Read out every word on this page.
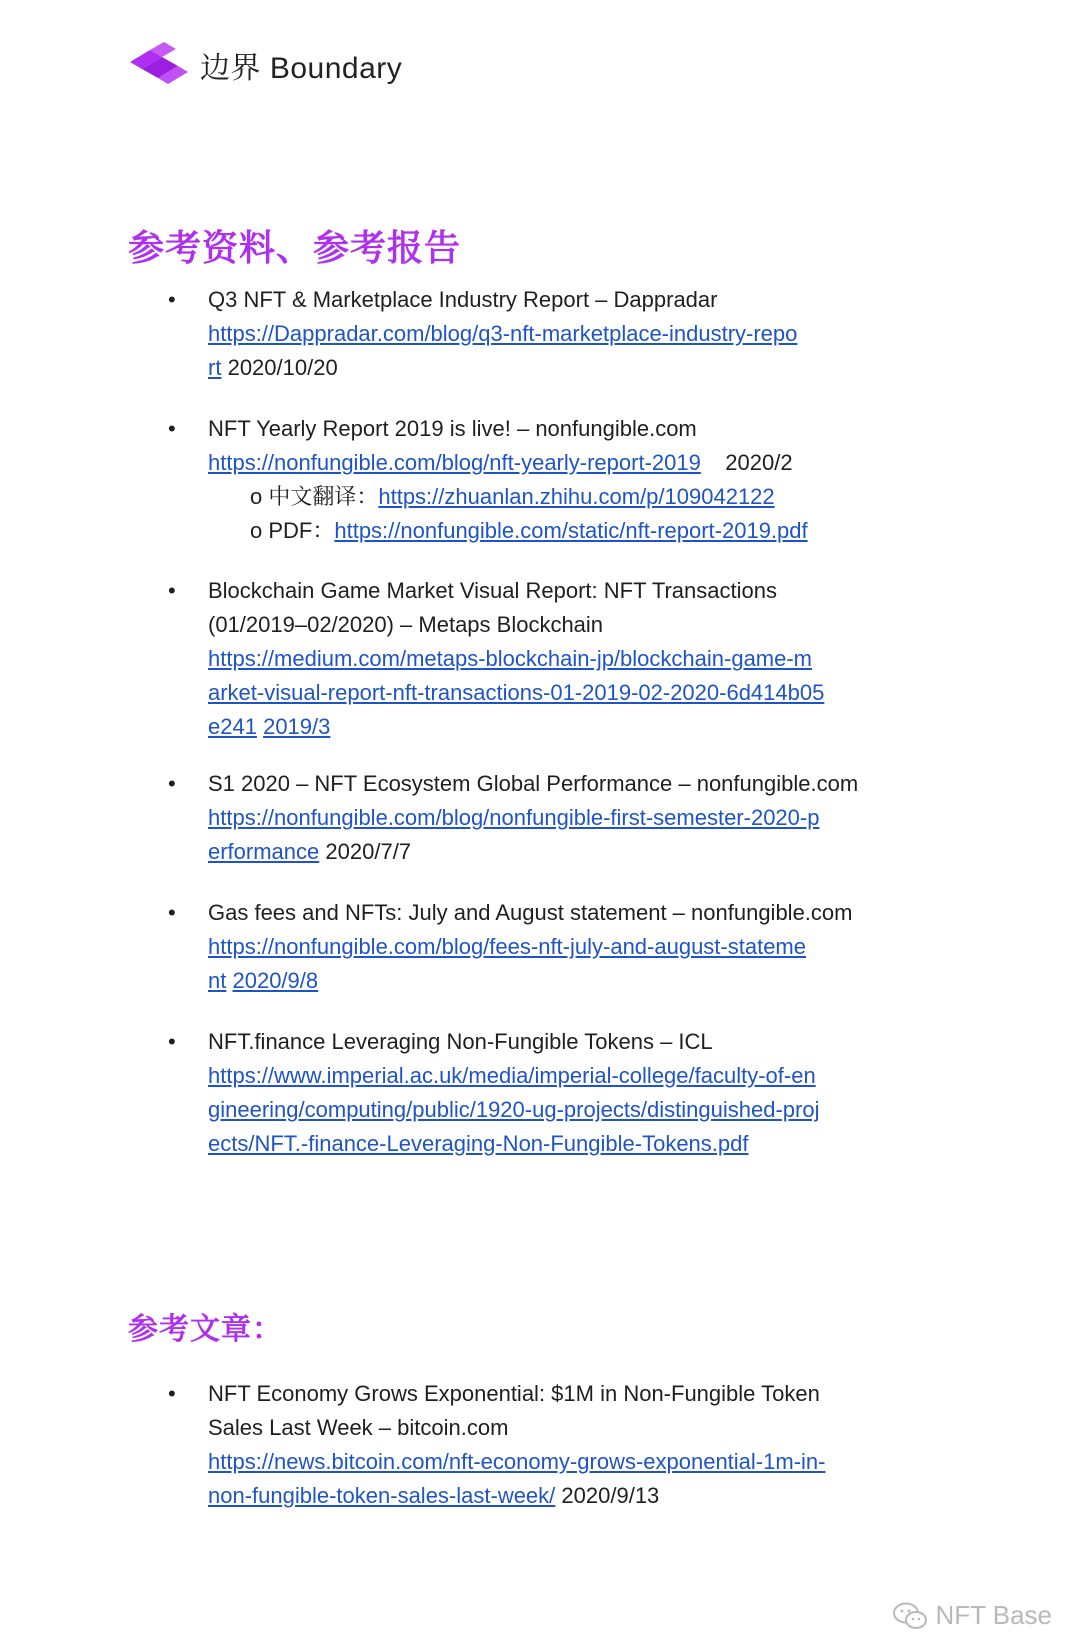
边界 Boundary
参考资料、参考报告
• Q3 NFT & Marketplace Industry Report – Dappradar
https://Dappradar.com/blog/q3-nft-marketplace-industry-repo
rt 2020/10/20
• NFT Yearly Report 2019 is live! – nonfungible.com
https://nonfungible.com/blog/nft-yearly-report-2019 2020/2
o 中文翻译：https://zhuanlan.zhihu.com/p/109042122
o PDF：https://nonfungible.com/static/nft-report-2019.pdf
• Blockchain Game Market Visual Report: NFT Transactions
(01/2019–02/2020) – Metaps Blockchain
https://medium.com/metaps-blockchain-jp/blockchain-game-m
arket-visual-report-nft-transactions-01-2019-02-2020-6d414b05
e241 2019/3
• S1 2020 – NFT Ecosystem Global Performance – nonfungible.com
https://nonfungible.com/blog/nonfungible-first-semester-2020-p
erformance 2020/7/7
• Gas fees and NFTs: July and August statement – nonfungible.com
https://nonfungible.com/blog/fees-nft-july-and-august-stateme
nt 2020/9/8
• NFT.finance Leveraging Non-Fungible Tokens – ICL
https://www.imperial.ac.uk/media/imperial-college/faculty-of-en
gineering/computing/public/1920-ug-projects/distinguished-proj
ects/NFT.-finance-Leveraging-Non-Fungible-Tokens.pdf
参考文章：
• NFT Economy Grows Exponential: $1M in Non-Fungible Token
Sales Last Week – bitcoin.com
https://news.bitcoin.com/nft-economy-grows-exponential-1m-in-
non-fungible-token-sales-last-week/ 2020/9/13
NFT Base
